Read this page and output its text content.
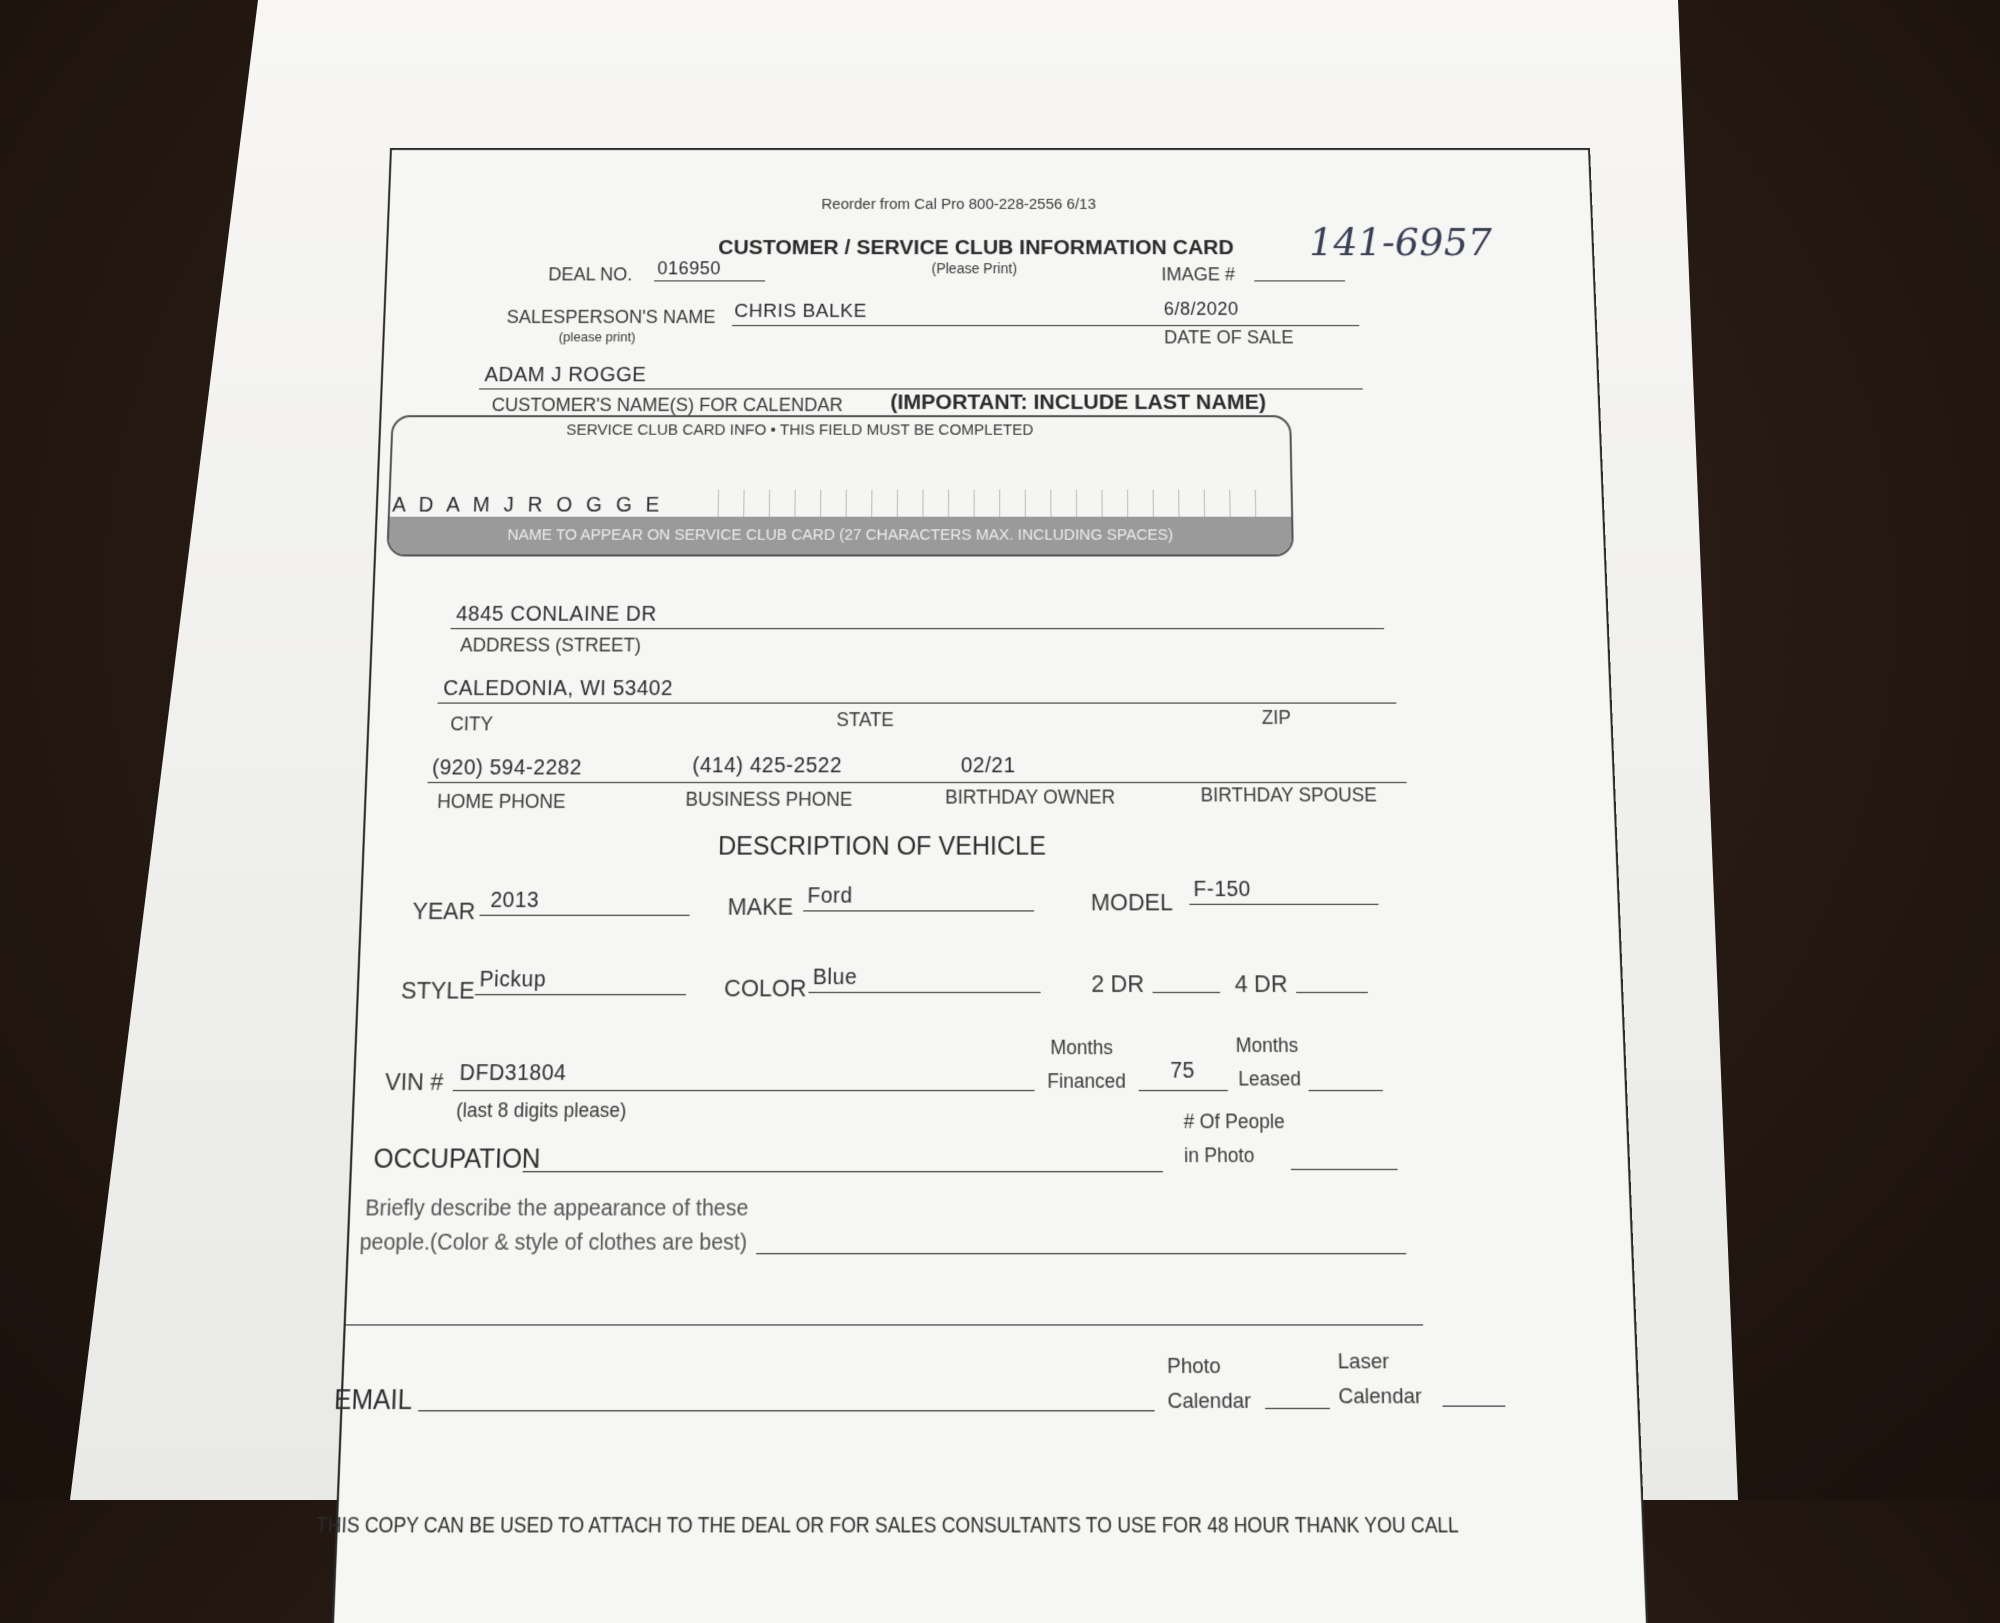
Reorder from Cal Pro 800-228-2556 6/13
CUSTOMER / SERVICE CLUB INFORMATION CARD
(Please Print)
141-6957
DEAL NO. 016950	IMAGE #
SALESPERSON'S NAME
(please print)
CHRIS BALKE	6/8/2020
DATE OF SALE
ADAM J ROGGE
CUSTOMER'S NAME(S) FOR CALENDAR (IMPORTANT: INCLUDE LAST NAME)
SERVICE CLUB CARD INFO • THIS FIELD MUST BE COMPLETED
A D A M J R O G G E
NAME TO APPEAR ON SERVICE CLUB CARD (27 CHARACTERS MAX. INCLUDING SPACES)
4845 CONLAINE DR
ADDRESS (STREET)
CALEDONIA, WI 53402
CITY	STATE	ZIP
(920) 594-2282	(414) 425-2522	02/21
HOME PHONE	BUSINESS PHONE	BIRTHDAY OWNER	BIRTHDAY SPOUSE
DESCRIPTION OF VEHICLE
YEAR 2013	MAKE Ford	MODEL F-150
STYLE Pickup	COLOR Blue	2 DR	4 DR
Months
Financed 75
Months
Leased
VIN # DFD31804
(last 8 digits please)
OCCUPATION
# Of People
in Photo
Briefly describe the appearance of these
people.(Color & style of clothes are best)
EMAIL
Photo
Calendar
Laser
Calendar
THIS COPY CAN BE USED TO ATTACH TO THE DEAL OR FOR SALES CONSULTANTS TO USE FOR 48 HOUR THANK YOU CALL
